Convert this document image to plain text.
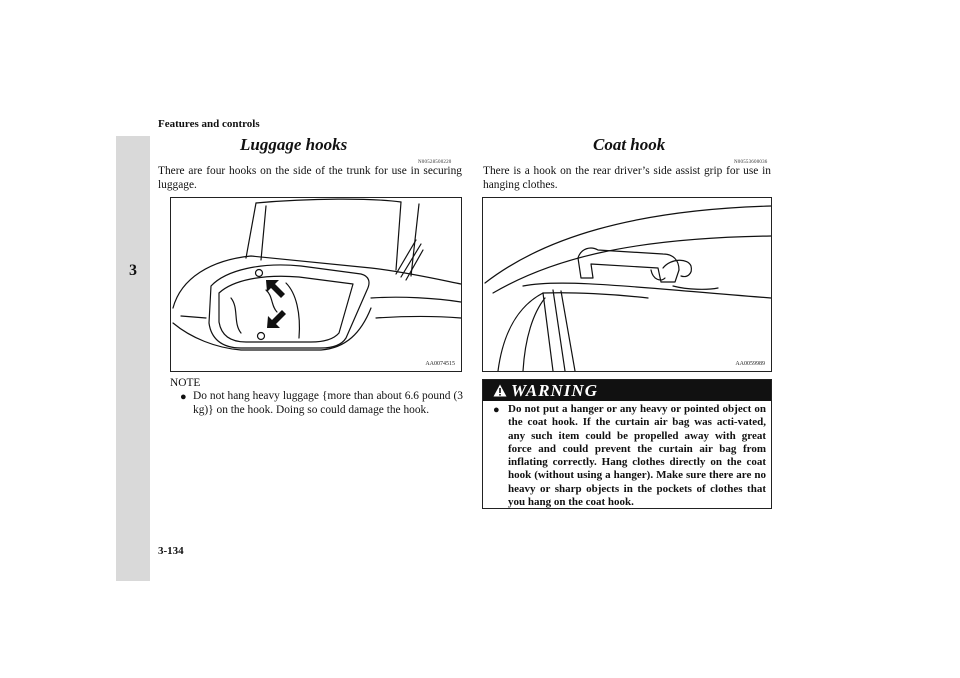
Features and controls
3
Luggage hooks
N00528500220
There are four hooks on the side of the trunk for use in securing luggage.
AA0074515
NOTE
● Do not hang heavy luggage {more than about 6.6 pound (3 kg)} on the hook. Doing so could damage the hook.
Coat hook
N00553600036
There is a hook on the rear driver’s side assist grip for use in hanging clothes.
AA0059989
WARNING
● Do not put a hanger or any heavy or pointed object on the coat hook. If the curtain air bag was acti-vated, any such item could be propelled away with great force and could prevent the curtain air bag from inflating correctly. Hang clothes directly on the coat hook (without using a hanger). Make sure there are no heavy or sharp objects in the pockets of clothes that you hang on the coat hook.
3-134
